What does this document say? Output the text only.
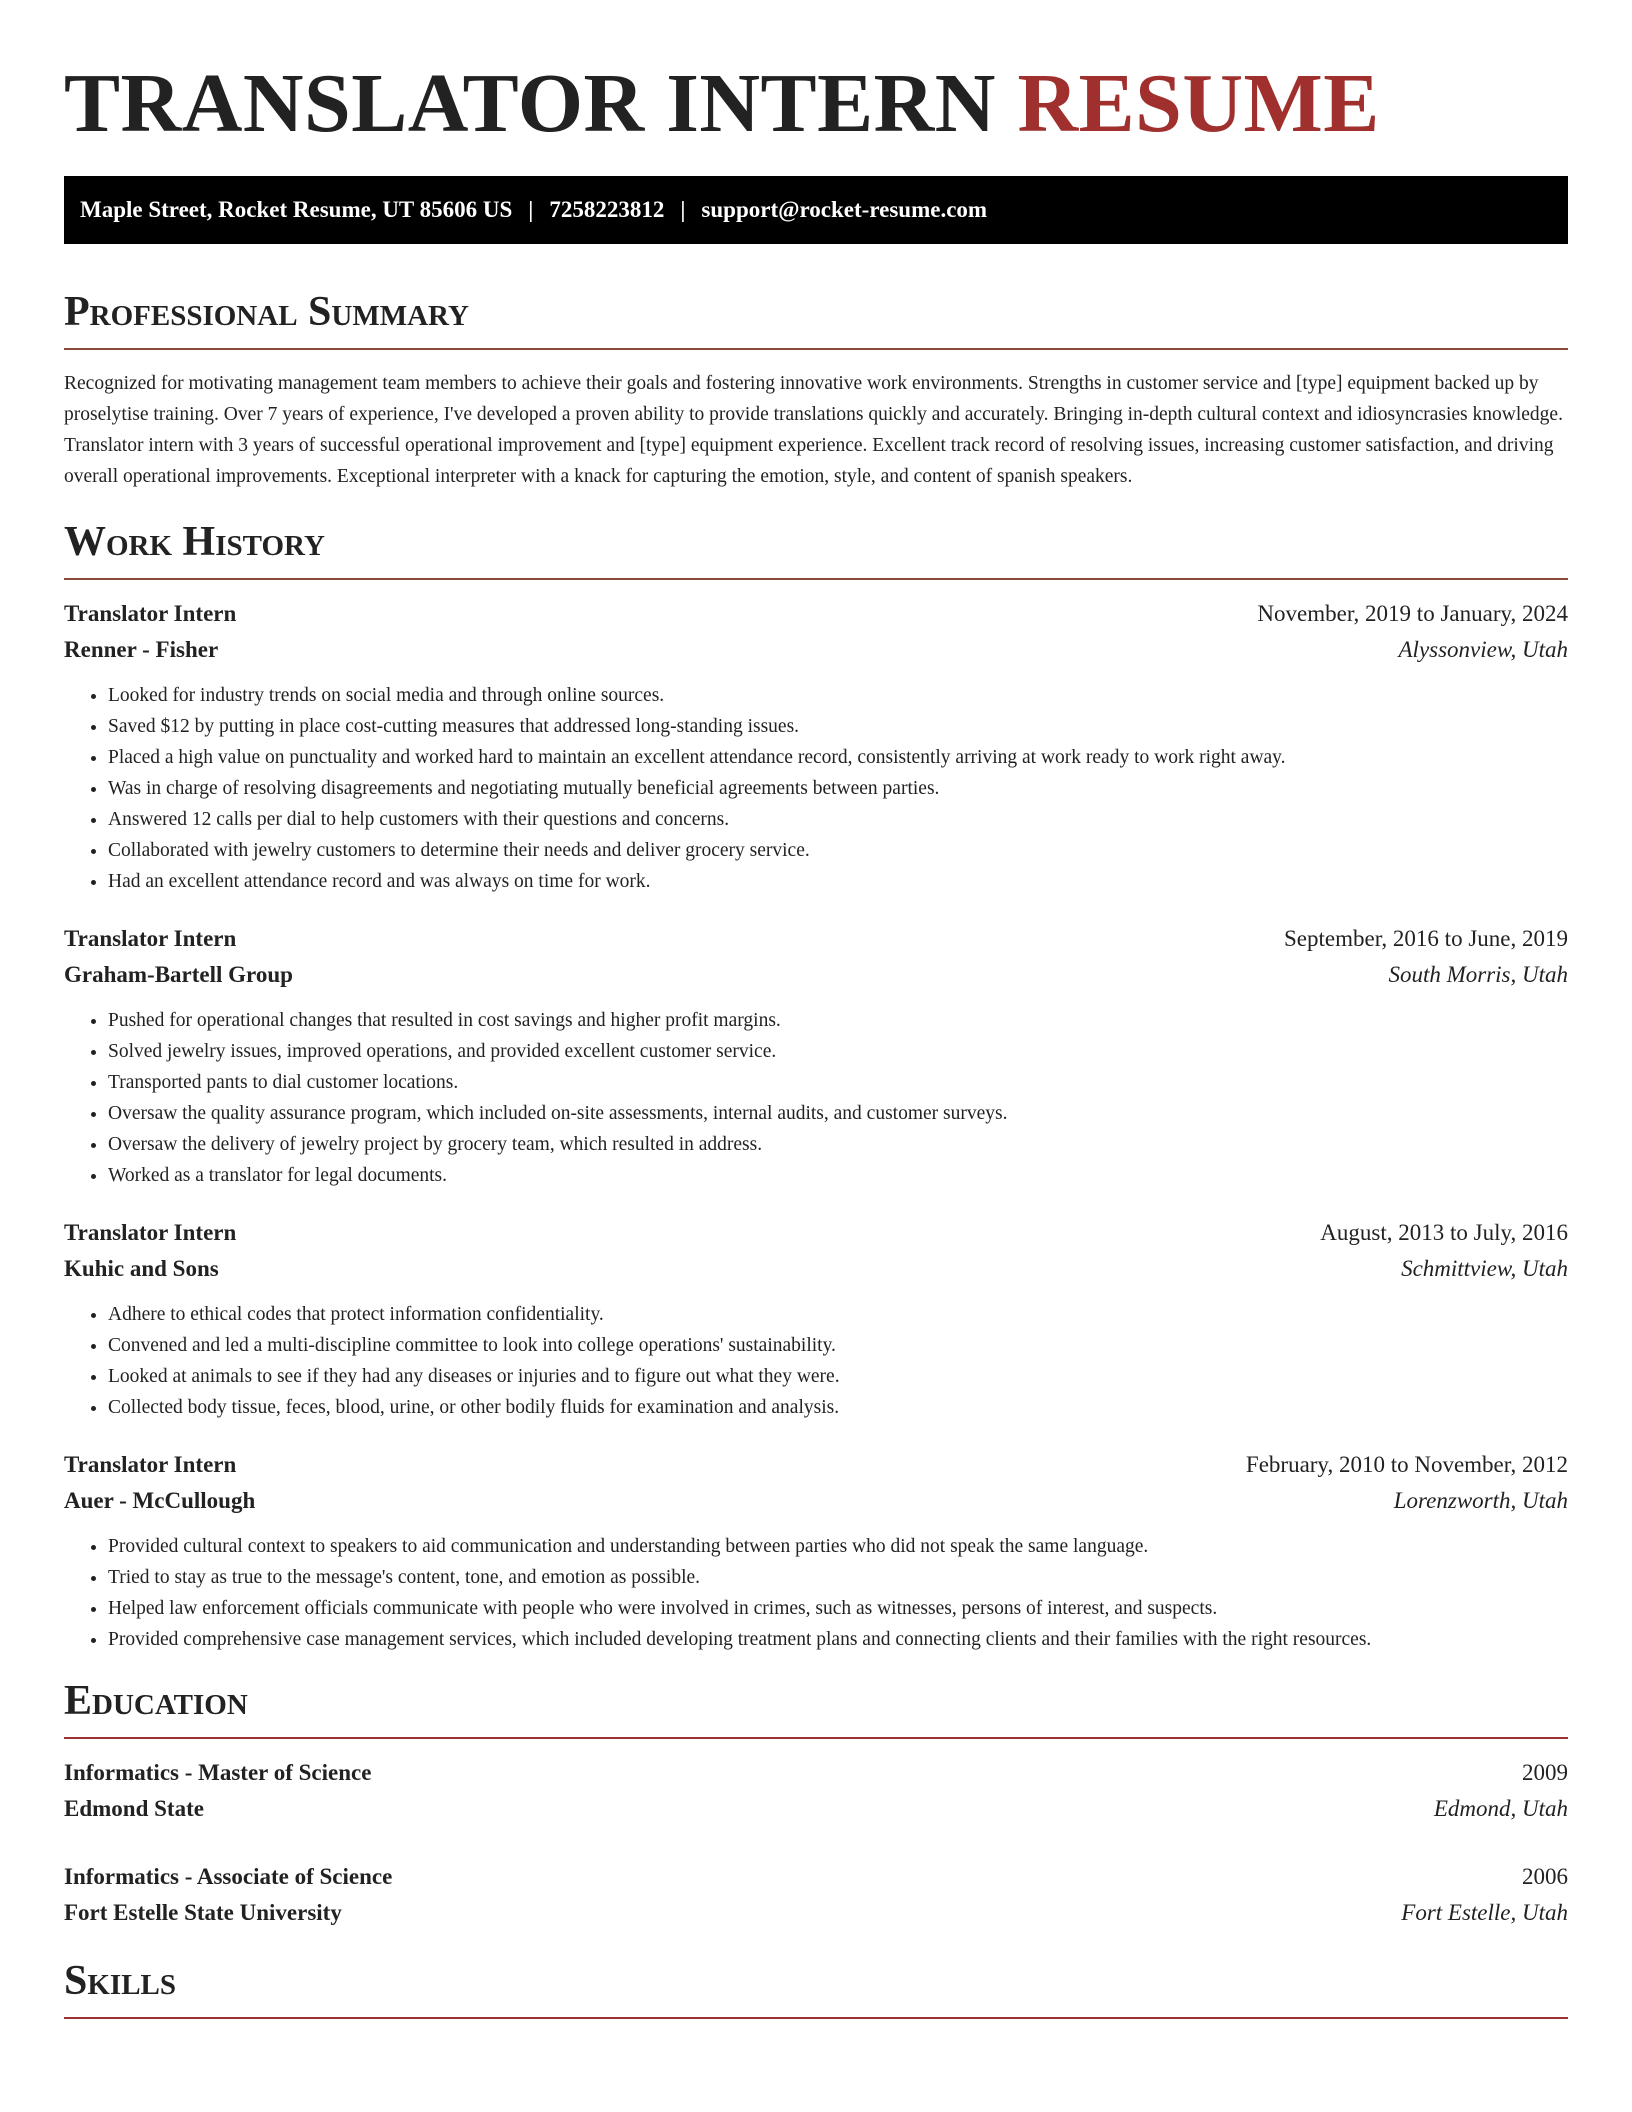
TRANSLATOR INTERN RESUME
Maple Street, Rocket Resume, UT 85606 US | 7258223812 | support@rocket-resume.com
Professional Summary

Recognized for motivating management team members to achieve their goals and fostering innovative work environments. Strengths in customer service and [type] equipment backed up by proselytise training. Over 7 years of experience, I've developed a proven ability to provide translations quickly and accurately. Bringing in-depth cultural context and idiosyncrasies knowledge. Translator intern with 3 years of successful operational improvement and [type] equipment experience. Excellent track record of resolving issues, increasing customer satisfaction, and driving overall operational improvements. Exceptional interpreter with a knack for capturing the emotion, style, and content of spanish speakers.

Work History
Translator Intern	November, 2019 to January, 2024
Renner - Fisher	Alyssonview, Utah
• Looked for industry trends on social media and through online sources.
• Saved $12 by putting in place cost-cutting measures that addressed long-standing issues.
• Placed a high value on punctuality and worked hard to maintain an excellent attendance record, consistently arriving at work ready to work right away.
• Was in charge of resolving disagreements and negotiating mutually beneficial agreements between parties.
• Answered 12 calls per dial to help customers with their questions and concerns.
• Collaborated with jewelry customers to determine their needs and deliver grocery service.
• Had an excellent attendance record and was always on time for work.
Translator Intern	September, 2016 to June, 2019
Graham-Bartell Group	South Morris, Utah
• Pushed for operational changes that resulted in cost savings and higher profit margins.
• Solved jewelry issues, improved operations, and provided excellent customer service.
• Transported pants to dial customer locations.
• Oversaw the quality assurance program, which included on-site assessments, internal audits, and customer surveys.
• Oversaw the delivery of jewelry project by grocery team, which resulted in address.
• Worked as a translator for legal documents.
Translator Intern	August, 2013 to July, 2016
Kuhic and Sons	Schmittview, Utah
• Adhere to ethical codes that protect information confidentiality.
• Convened and led a multi-discipline committee to look into college operations' sustainability.
• Looked at animals to see if they had any diseases or injuries and to figure out what they were.
• Collected body tissue, feces, blood, urine, or other bodily fluids for examination and analysis.
Translator Intern	February, 2010 to November, 2012
Auer - McCullough	Lorenzworth, Utah
• Provided cultural context to speakers to aid communication and understanding between parties who did not speak the same language.
• Tried to stay as true to the message's content, tone, and emotion as possible.
• Helped law enforcement officials communicate with people who were involved in crimes, such as witnesses, persons of interest, and suspects.
• Provided comprehensive case management services, which included developing treatment plans and connecting clients and their families with the right resources.
Education
Informatics - Master of Science	2009
Edmond State	Edmond, Utah
Informatics - Associate of Science	2006
Fort Estelle State University	Fort Estelle, Utah
Skills
